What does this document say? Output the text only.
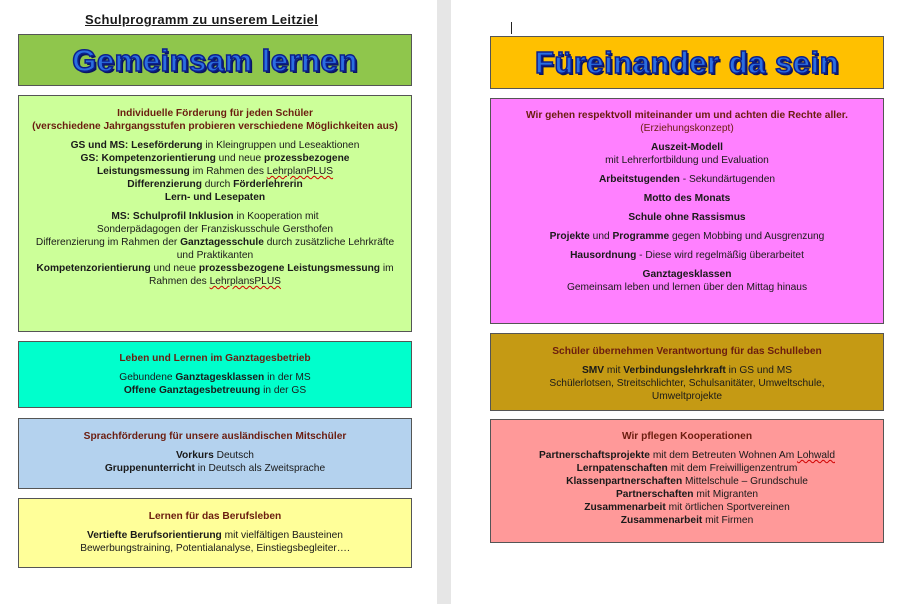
Schulprogramm zu unserem Leitziel
Gemeinsam lernen

Individuelle Förderung für jeden Schüler

(verschiedene Jahrgangsstufen probieren verschiedene Möglichkeiten aus)

GS und MS: Leseförderung in Kleingruppen und Leseaktionen

GS: Kompetenzorientierung und neue prozessbezogene

Leistungsmessung im Rahmen des LehrplanPLUS

Differenzierung durch Förderlehrerin

Lern- und Lesepaten

MS: Schulprofil Inklusion in Kooperation mit

Sonderpädagogen der Franziskusschule Gersthofen

Differenzierung im Rahmen der Ganztagesschule durch zusätzliche Lehrkräfte

und Praktikanten

Kompetenzorientierung und neue prozessbezogene Leistungsmessung im

Rahmen des LehrplansPLUS

Leben und Lernen im Ganztagesbetrieb

Gebundene Ganztagesklassen in der MS

Offene Ganztagesbetreuung in der GS

Sprachförderung für unsere ausländischen Mitschüler

Vorkurs Deutsch

Gruppenunterricht in Deutsch als Zweitsprache

Lernen für das Berufsleben

Vertiefte Berufsorientierung mit vielfältigen Bausteinen

Bewerbungstraining, Potentialanalyse, Einstiegsbegleiter….

Füreinander da sein

Wir gehen respektvoll miteinander um und achten die Rechte aller.

(Erziehungskonzept)

Auszeit-Modell

mit Lehrerfortbildung und Evaluation

Arbeitstugenden - Sekundärtugenden

Motto des Monats

Schule ohne Rassismus

Projekte und Programme gegen Mobbing und Ausgrenzung

Hausordnung - Diese wird regelmäßig überarbeitet

Ganztagesklassen

Gemeinsam leben und lernen über den Mittag hinaus

Schüler übernehmen Verantwortung für das Schulleben

SMV mit Verbindungslehrkraft in GS und MS

Schülerlotsen, Streitschlichter, Schulsanitäter, Umweltschule,

Umweltprojekte

Wir pflegen Kooperationen

Partnerschaftsprojekte mit dem Betreuten Wohnen Am Lohwald

Lernpatenschaften mit dem Freiwilligenzentrum

Klassenpartnerschaften Mittelschule – Grundschule

Partnerschaften mit Migranten

Zusammenarbeit mit örtlichen Sportvereinen

Zusammenarbeit mit Firmen
